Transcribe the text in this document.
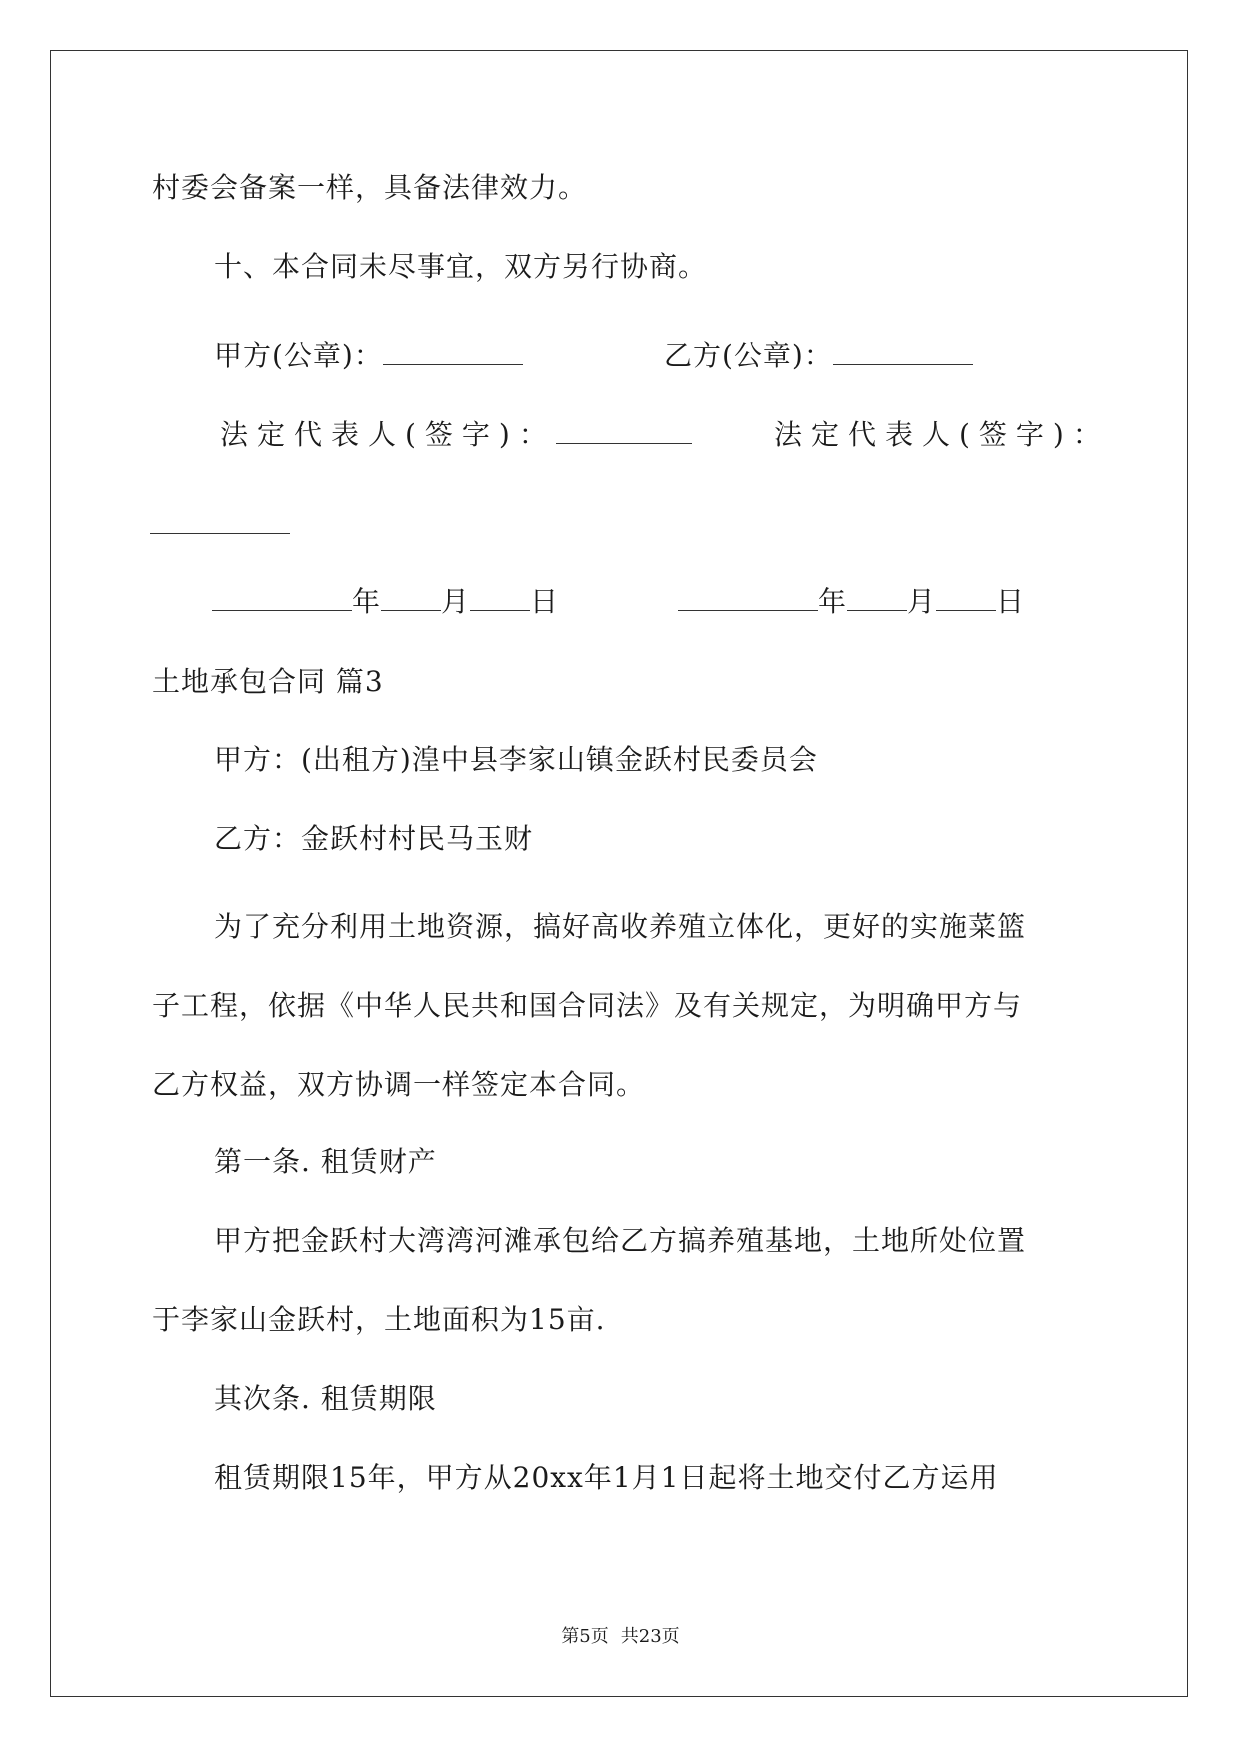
村委会备案一样，具备法律效力。
十、本合同未尽事宜，双方另行协商。
甲方(公章)：	乙方(公章)：
法定代表人(签字)：	法定代表人(签字)：
年 月 日	年 月 日
土地承包合同 篇3
甲方：(出租方)湟中县李家山镇金跃村民委员会
乙方：金跃村村民马玉财
为了充分利用土地资源，搞好高收养殖立体化，更好的实施菜篮
子工程，依据《中华人民共和国合同法》及有关规定，为明确甲方与
乙方权益，双方协调一样签定本合同。
第一条. 租赁财产
甲方把金跃村大湾湾河滩承包给乙方搞养殖基地，土地所处位置
于李家山金跃村，土地面积为15亩.
其次条. 租赁期限
租赁期限15年，甲方从20xx年1月1日起将土地交付乙方运用
第5页 共23页
